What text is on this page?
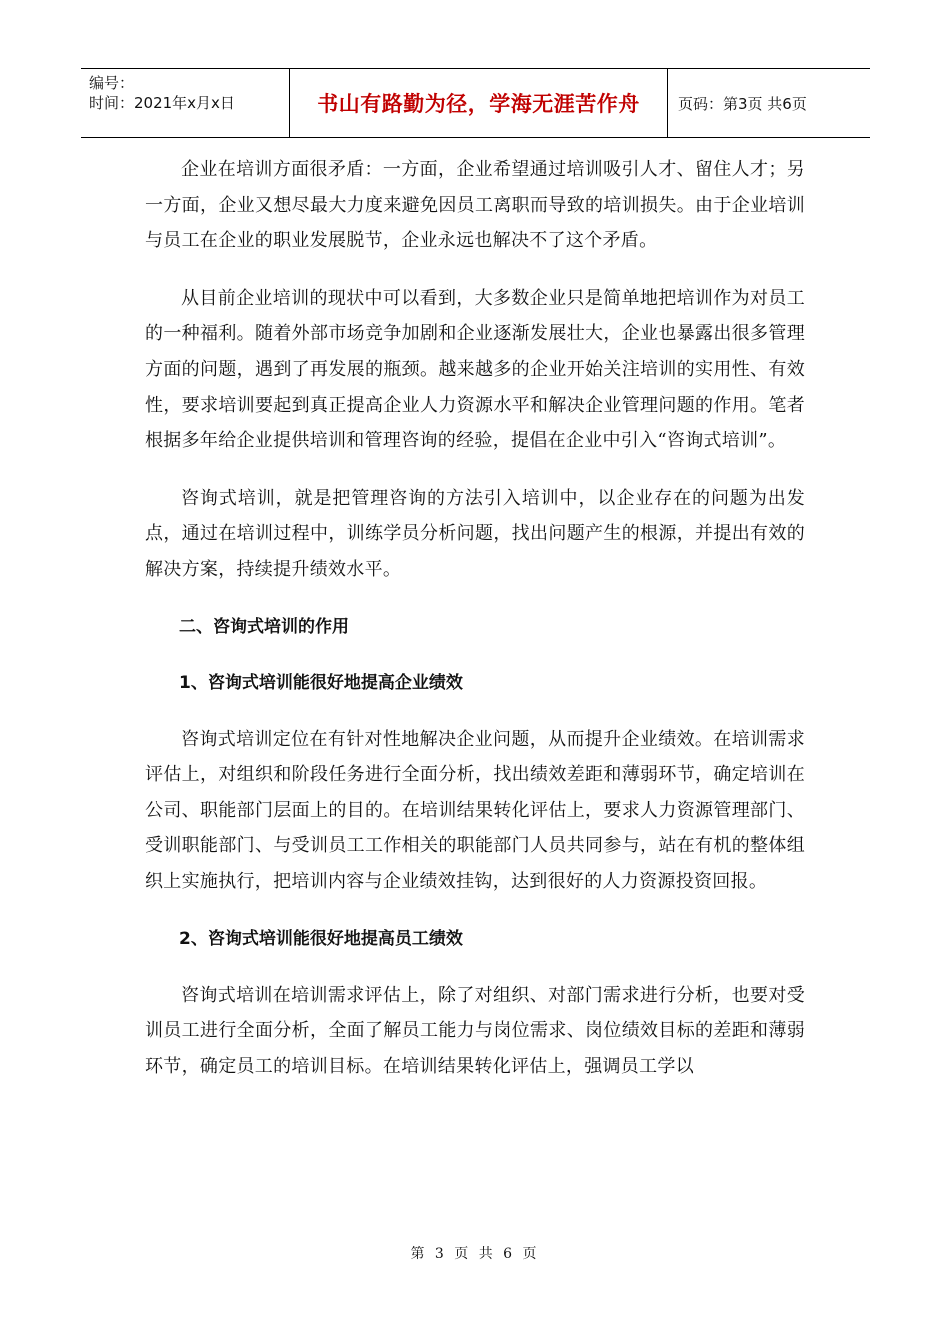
编号：
时间：2021年x月x日	书山有路勤为径，学海无涯苦作舟	页码：第3页 共6页

企业在培训方面很矛盾：一方面，企业希望通过培训吸引人才、留住人才；另一方面，企业又想尽最大力度来避免因员工离职而导致的培训损失。由于企业培训与员工在企业的职业发展脱节，企业永远也解决不了这个矛盾。

从目前企业培训的现状中可以看到，大多数企业只是简单地把培训作为对员工的一种福利。随着外部市场竞争加剧和企业逐渐发展壮大，企业也暴露出很多管理方面的问题，遇到了再发展的瓶颈。越来越多的企业开始关注培训的实用性、有效性，要求培训要起到真正提高企业人力资源水平和解决企业管理问题的作用。笔者根据多年给企业提供培训和管理咨询的经验，提倡在企业中引入“咨询式培训”。

咨询式培训，就是把管理咨询的方法引入培训中，以企业存在的问题为出发点，通过在培训过程中，训练学员分析问题，找出问题产生的根源，并提出有效的解决方案，持续提升绩效水平。

二、咨询式培训的作用
1、咨询式培训能很好地提高企业绩效

咨询式培训定位在有针对性地解决企业问题，从而提升企业绩效。在培训需求评估上，对组织和阶段任务进行全面分析，找出绩效差距和薄弱环节，确定培训在公司、职能部门层面上的目的。在培训结果转化评估上，要求人力资源管理部门、受训职能部门、与受训员工工作相关的职能部门人员共同参与，站在有机的整体组织上实施执行，把培训内容与企业绩效挂钩，达到很好的人力资源投资回报。

2、咨询式培训能很好地提高员工绩效

咨询式培训在培训需求评估上，除了对组织、对部门需求进行分析，也要对受训员工进行全面分析，全面了解员工能力与岗位需求、岗位绩效目标的差距和薄弱环节，确定员工的培训目标。在培训结果转化评估上，强调员工学以

第 3 页 共 6 页
